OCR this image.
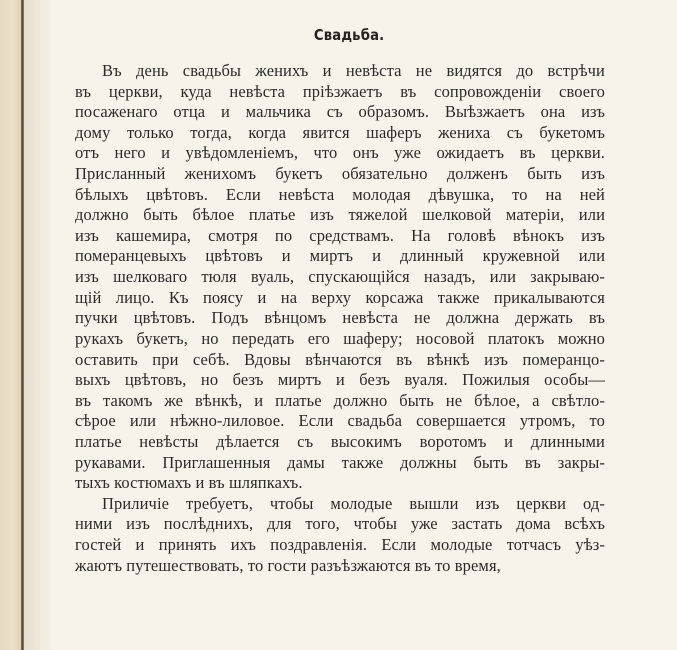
Свадьба.
Въ день свадьбы женихъ и невѣста не видятся до встрѣчи
въ церкви, куда невѣста прiѣзжаетъ въ сопровожденiи своего
посаженаго отца и мальчика съ образомъ. Выѣзжаетъ она изъ
дому только тогда, когда явится шаферъ жениха съ букетомъ
отъ него и увѣдомленiемъ, что онъ уже ожидаетъ въ церкви.
Присланный женихомъ букетъ обязательно долженъ быть изъ
бѣлыхъ цвѣтовъ. Если невѣста молодая дѣвушка, то на ней
должно быть бѣлое платье изъ тяжелой шелковой матерiи, или
изъ кашемира, смотря по средствамъ. На головѣ вѣнокъ изъ
померанцевыхъ цвѣтовъ и миртъ и длинный кружевной или
изъ шелковаго тюля вуаль, спускающiйся назадъ, или закрываю-
щiй лицо. Къ поясу и на верху корсажа также прикалываются
пучки цвѣтовъ. Подъ вѣнцомъ невѣста не должна держать въ
рукахъ букетъ, но передать его шаферу; носовой платокъ можно
оставить при себѣ. Вдовы вѣнчаются въ вѣнкѣ изъ померанцо-
выхъ цвѣтовъ, но безъ миртъ и безъ вуаля. Пожилыя особы—
въ такомъ же вѣнкѣ, и платье должно быть не бѣлое, а свѣтло-
сѣрое или нѣжно-лиловое. Если свадьба совершается утромъ, то
платье невѣсты дѣлается съ высокимъ воротомъ и длинными
рукавами. Приглашенныя дамы также должны быть въ закры-
тыхъ костюмахъ и въ шляпкахъ.
Приличiе требуетъ, чтобы молодые вышли изъ церкви од-
ними изъ послѣднихъ, для того, чтобы уже застать дома всѣхъ
гостей и принять ихъ поздравленiя. Если молодые тотчасъ уѣз-
жаютъ путешествовать, то гости разъѣзжаются въ то время,
